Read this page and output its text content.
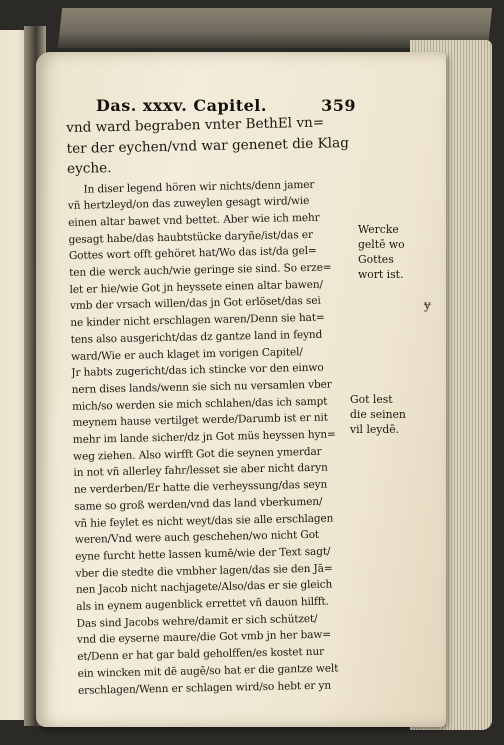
Das. xxxv. Capitel.	359
vnd ward begraben vnter BethEl vn=
ter der eychen/vnd war genenet die Klag
eyche.
In diser legend hören wir nichts/denn jamer
vñ hertzleyd/on das zuweylen gesagt wird/wie
einen altar bawet vnd bettet. Aber wie ich mehr
gesagt habe/das haubtstücke daryñe/ist/das er
Gottes wort offt gehöret hat/Wo das ist/da gel=
ten die werck auch/wie geringe sie sind. So erze=
let er hie/wie Got jn heyssete einen altar bawen/
vmb der vrsach willen/das jn Got erlöset/das sei
ne kinder nicht erschlagen waren/Denn sie hat=
tens also ausgericht/das dz gantze land in feynd
ward/Wie er auch klaget im vorigen Capitel/
Jr habts zugericht/das ich stincke vor den einwo
nern dises lands/wenn sie sich nu versamlen vber
mich/so werden sie mich schlahen/das ich sampt
meynem hause vertilget werde/Darumb ist er nit
mehr im lande sicher/dz jn Got müs heyssen hyn=
weg ziehen. Also wirfft Got die seynen ymerdar
in not vñ allerley fahr/lesset sie aber nicht daryn
ne verderben/Er hatte die verheyssung/das seyn
same so groß werden/vnd das land vberkumen/
vñ hie feylet es nicht weyt/das sie alle erschlagen
weren/Vnd were auch geschehen/wo nicht Got
eyne furcht hette lassen kumē/wie der Text sagt/
vber die stedte die vmbher lagen/das sie den Jā=
nen Jacob nicht nachjagete/Also/das er sie gleich
als in eynem augenblick errettet vñ dauon hilfft.
Das sind Jacobs wehre/damit er sich schützet/
vnd die eyserne maure/die Got vmb jn her baw=
et/Denn er hat gar bald geholffen/es kostet nur
ein wincken mit dē augē/so hat er die gantze welt
erschlagen/Wenn er schlagen wird/so hebt er yn
Wercke
geltē wo
Gottes
wort ist.
Got lest
die seinen
vil leydē.
ɏ
